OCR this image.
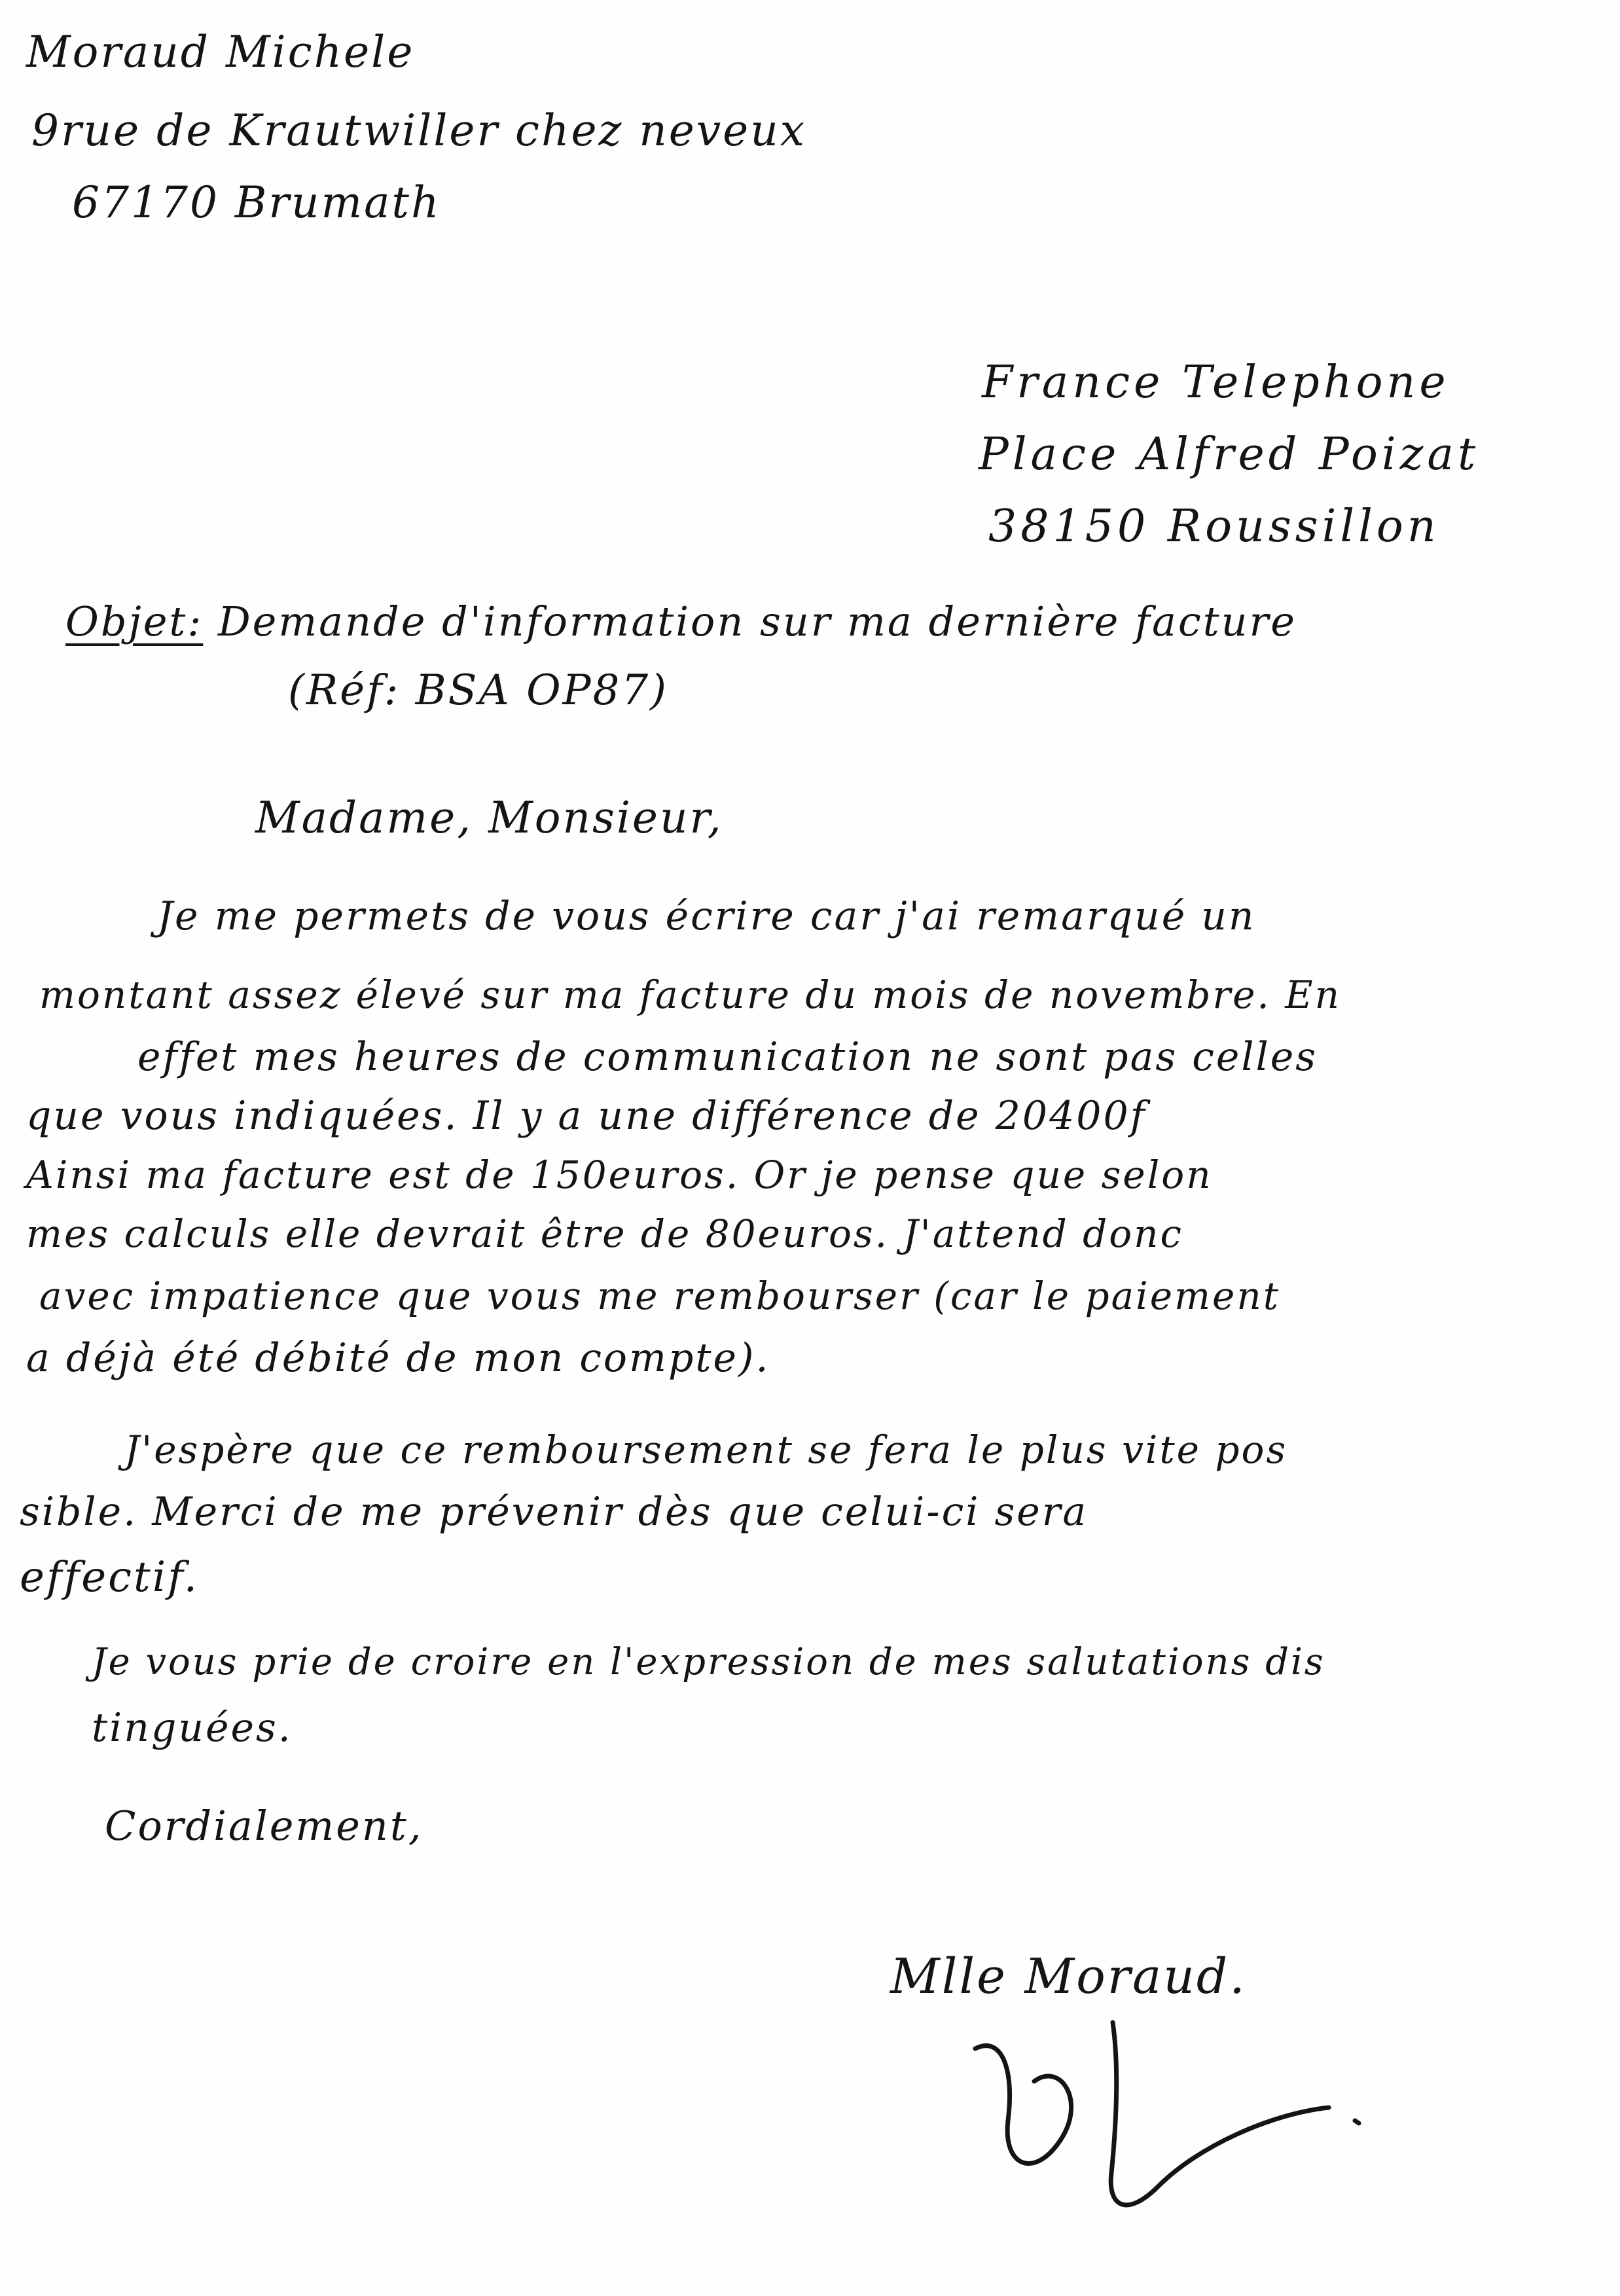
Moraud Michele
9rue de Krautwiller chez neveux
67170 Brumath
France Telephone
Place Alfred Poizat
38150 Roussillon
Objet: Demande d'information sur ma dernière facture
(Réf: BSA OP87)
Madame, Monsieur,
Je me permets de vous écrire car j'ai remarqué un
montant assez élevé sur ma facture du mois de novembre. En
effet mes heures de communication ne sont pas celles
que vous indiquées. Il y a une différence de 20400f
Ainsi ma facture est de 150euros. Or je pense que selon
mes calculs elle devrait être de 80euros. J'attend donc
avec impatience que vous me rembourser (car le paiement
a déjà été débité de mon compte).
J'espère que ce remboursement se fera le plus vite pos
sible. Merci de me prévenir dès que celui-ci sera
effectif.
Je vous prie de croire en l'expression de mes salutations dis
tinguées.
Cordialement,
Mlle Moraud.
